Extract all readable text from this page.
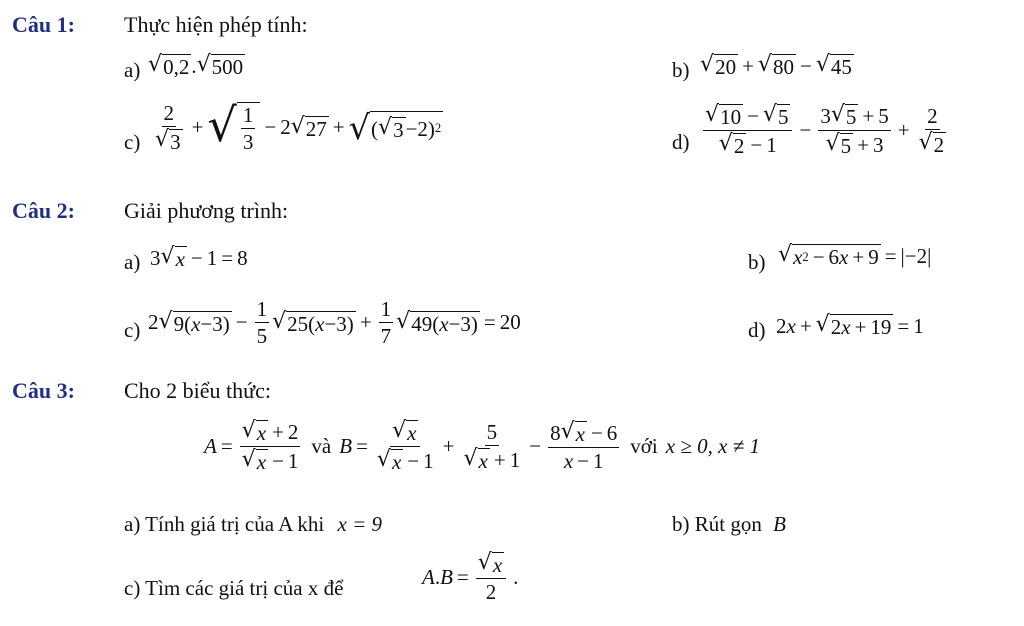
Câu 1: Thực hiện phép tính:
a) √ 0,2 . √ 500	b) √ 20 + √ 80 − √ 45
$c) \frac{2}{√ 3}$ + √ $\frac{1}{3} - 2$ √ 27 + √ ( √ 3 −2) 2
$d) \frac{√ 10 - √ 5}{√ 2 - 1} - \frac{3 √ 5 + 5}{√ 5 + 3} + \frac{2}{√ 2}$
Câu 2: Giải phương trình:
a) 3 √ x − 1 = 8	b) √ x 2 − 6 x + 9 = |−2|
c) 2 √ 9( $x -3) - \frac{1}{5}$ √ 25( $x -3) + \frac{1}{7}$ √ 49( x −3) = 20	d) 2 x + √ 2 x + 19 = 1
Câu 3: Cho 2 biểu thức:
$A = \frac{√ x + 2}{√ x - 1}$ và $B = \frac{√ x}{√ x - 1} + \frac{5}{√ x + 1} - \frac{8 √ x - 6}{x - 1}$ với x ≥ 0, x ≠ 1
a) Tính giá trị của A khi x = 9	b) Rút gọn B
c) Tìm các giá trị của x để	A . $B = \frac{√ x}{2}$ .
